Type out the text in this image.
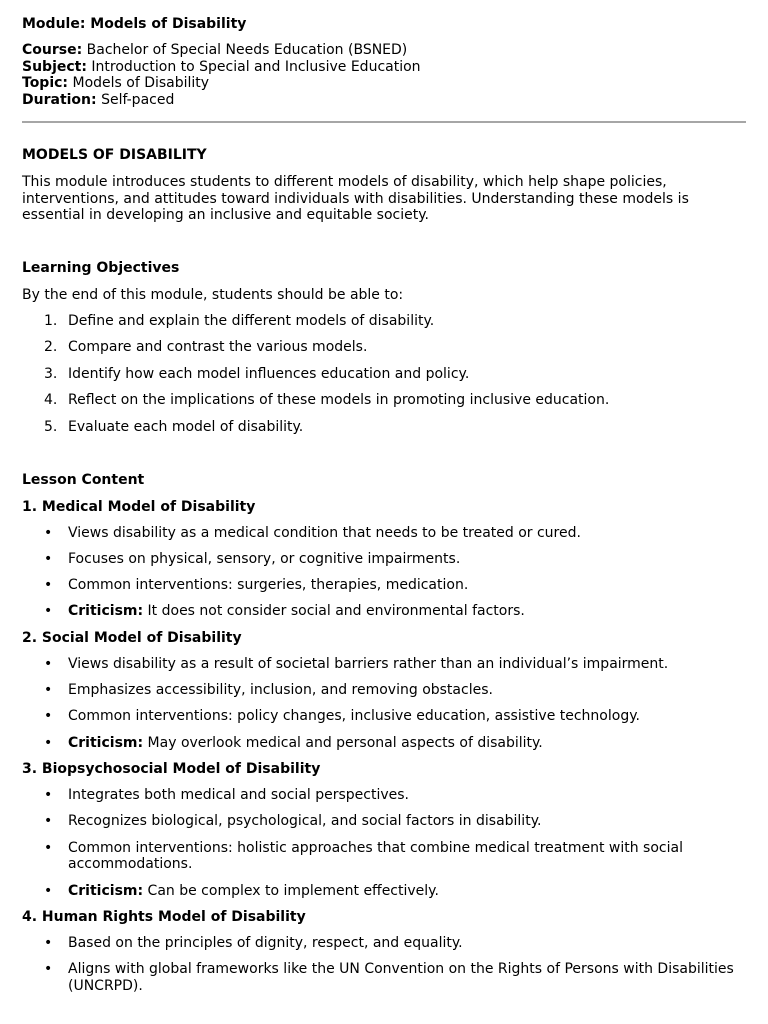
Module: Models of Disability
Course: Bachelor of Special Needs Education (BSNED)
Subject: Introduction to Special and Inclusive Education
Topic: Models of Disability
Duration: Self-paced
MODELS OF DISABILITY

This module introduces students to different models of disability, which help shape policies, interventions, and attitudes toward individuals with disabilities. Understanding these models is essential in developing an inclusive and equitable society.

Learning Objectives

By the end of this module, students should be able to:

1. Define and explain the different models of disability.
2. Compare and contrast the various models.
3. Identify how each model influences education and policy.
4. Reflect on the implications of these models in promoting inclusive education.
5. Evaluate each model of disability.
Lesson Content
1. Medical Model of Disability
• Views disability as a medical condition that needs to be treated or cured.
• Focuses on physical, sensory, or cognitive impairments.
• Common interventions: surgeries, therapies, medication.
• Criticism: It does not consider social and environmental factors.
2. Social Model of Disability
• Views disability as a result of societal barriers rather than an individual’s impairment.
• Emphasizes accessibility, inclusion, and removing obstacles.
• Common interventions: policy changes, inclusive education, assistive technology.
• Criticism: May overlook medical and personal aspects of disability.
3. Biopsychosocial Model of Disability
• Integrates both medical and social perspectives.
• Recognizes biological, psychological, and social factors in disability.
• Common interventions: holistic approaches that combine medical treatment with social accommodations.
• Criticism: Can be complex to implement effectively.
4. Human Rights Model of Disability
• Based on the principles of dignity, respect, and equality.
• Aligns with global frameworks like the UN Convention on the Rights of Persons with Disabilities (UNCRPD).
